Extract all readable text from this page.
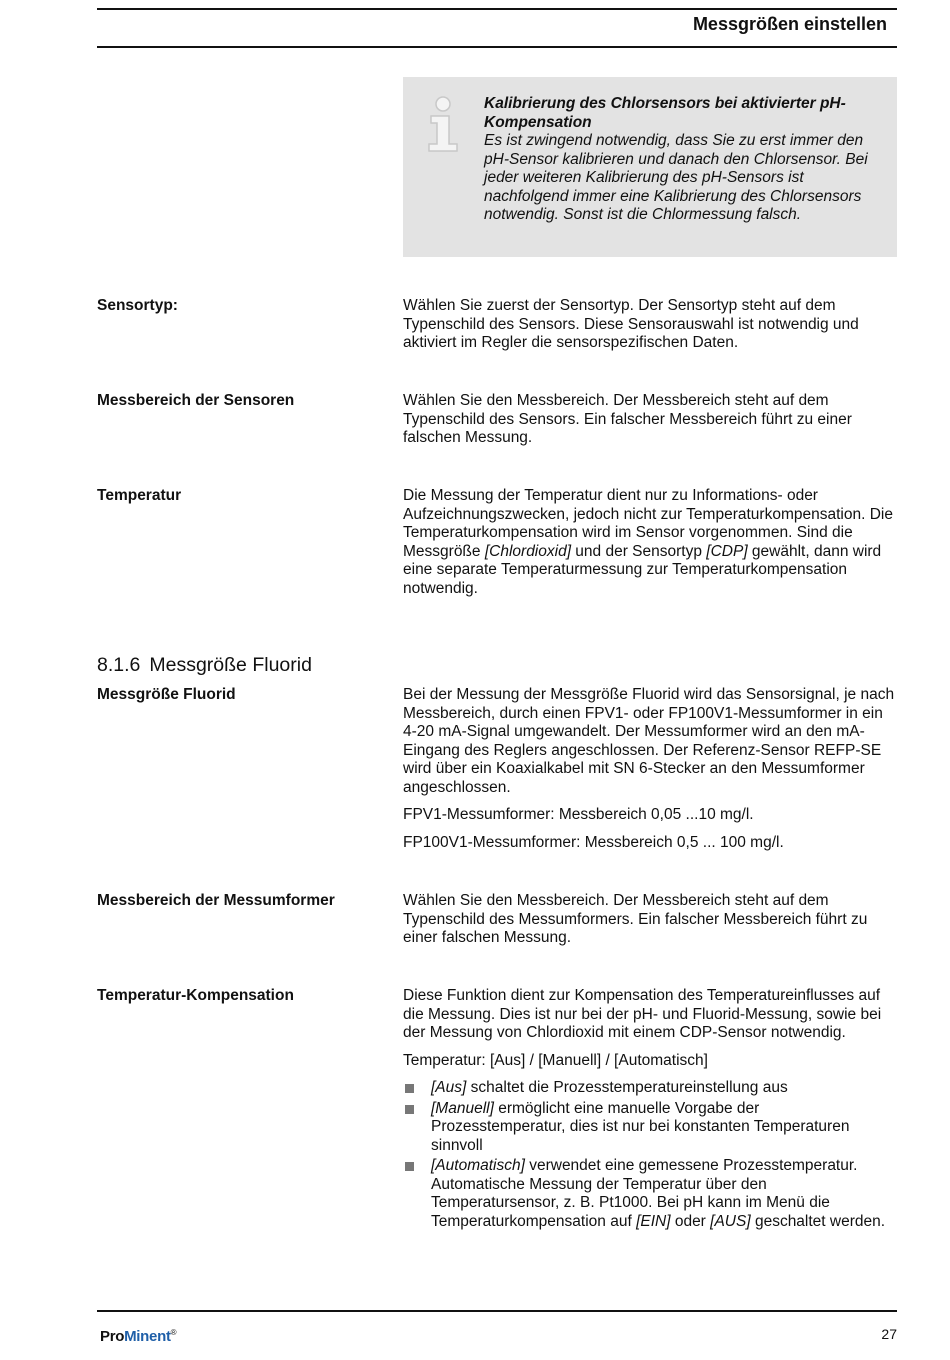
Messgrößen einstellen
Kalibrierung des Chlorsensors bei aktivierter pH-Kompensation
Es ist zwingend notwendig, dass Sie zu erst immer den pH-Sensor kalibrieren und danach den Chlorsensor. Bei jeder weiteren Kalibrierung des pH-Sensors ist nachfolgend immer eine Kalibrierung des Chlorsensors notwendig. Sonst ist die Chlormessung falsch.
Sensortyp:	Wählen Sie zuerst der Sensortyp. Der Sensortyp steht auf dem Typenschild des Sensors. Diese Sensorauswahl ist notwendig und aktiviert im Regler die sensorspezifischen Daten.

Messbereich der Sensoren	Wählen Sie den Messbereich. Der Messbereich steht auf dem Typenschild des Sensors. Ein falscher Messbereich führt zu einer falschen Messung.

Temperatur	Die Messung der Temperatur dient nur zu Informations- oder Aufzeichnungszwecken, jedoch nicht zur Temperaturkompensation. Die Temperaturkompensation wird im Sensor vorgenommen. Sind die Messgröße [Chlordioxid] und der Sensortyp [CDP] gewählt, dann wird eine separate Temperaturmessung zur Temperaturkompensation notwendig.

8.1.6 Messgröße Fluorid
Messgröße Fluorid	Bei der Messung der Messgröße Fluorid wird das Sensorsignal, je nach Messbereich, durch einen FPV1- oder FP100V1-Messumformer in ein 4-20 mA-Signal umgewandelt. Der Messumformer wird an den mA-Eingang des Reglers angeschlossen. Der Referenz-Sensor REFP-SE wird über ein Koaxialkabel mit SN 6-Stecker an den Messumformer angeschlossen.

FPV1-Messumformer: Messbereich 0,05 ...10 mg/l.

FP100V1-Messumformer: Messbereich 0,5 ... 100 mg/l.

Messbereich der Messumformer	Wählen Sie den Messbereich. Der Messbereich steht auf dem Typenschild des Messumformers. Ein falscher Messbereich führt zu einer falschen Messung.

Temperatur-Kompensation	Diese Funktion dient zur Kompensation des Temperatureinflusses auf die Messung. Dies ist nur bei der pH- und Fluorid-Messung, sowie bei der Messung von Chlordioxid mit einem CDP-Sensor notwendig.

Temperatur: [Aus] / [Manuell] / [Automatisch]

[Aus] schaltet die Prozesstemperatureinstellung aus
[Manuell] ermöglicht eine manuelle Vorgabe der Prozesstemperatur, dies ist nur bei konstanten Temperaturen sinnvoll
[Automatisch] verwendet eine gemessene Prozesstemperatur. Automatische Messung der Temperatur über den Temperatursensor, z. B. Pt1000. Bei pH kann im Menü die Temperaturkompensation auf [EIN] oder [AUS] geschaltet werden.
ProMinent®	27
